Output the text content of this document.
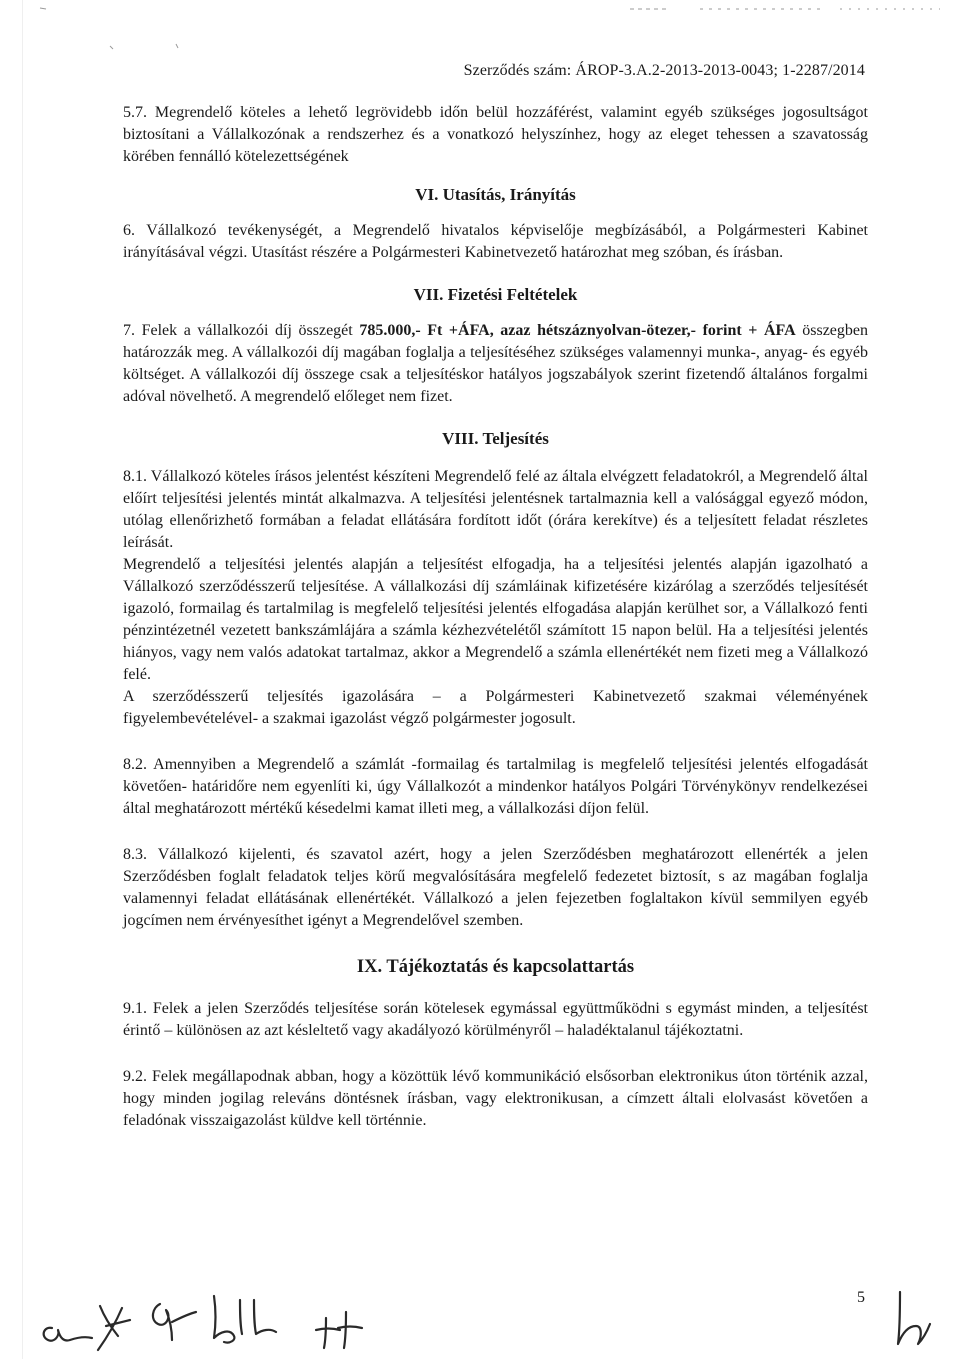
Szerződés szám: ÁROP-3.A.2-2013-2013-0043; 1-2287/2014

5.7. Megrendelő köteles a lehető legrövidebb időn belül hozzáférést, valamint egyéb szükséges jogosultságot biztosítani a Vállalkozónak a rendszerhez és a vonatkozó helyszínhez, hogy az eleget tehessen a szavatosság körében fennálló kötelezettségének

VI. Utasítás, Irányítás

6. Vállalkozó tevékenységét, a Megrendelő hivatalos képviselője megbízásából, a Polgármesteri Kabinet irányításával végzi. Utasítást részére a Polgármesteri Kabinetvezető határozhat meg szóban, és írásban.

VII. Fizetési Feltételek

7. Felek a vállalkozói díj összegét 785.000,- Ft +ÁFA, azaz hétszáznyolvan-ötezer,- forint + ÁFA összegben határozzák meg. A vállalkozói díj magában foglalja a teljesítéséhez szükséges valamennyi munka-, anyag- és egyéb költséget. A vállalkozói díj összege csak a teljesítéskor hatályos jogszabályok szerint fizetendő általános forgalmi adóval növelhető. A megrendelő előleget nem fizet.

VIII. Teljesítés

8.1. Vállalkozó köteles írásos jelentést készíteni Megrendelő felé az általa elvégzett feladatokról, a Megrendelő által előírt teljesítési jelentés mintát alkalmazva. A teljesítési jelentésnek tartalmaznia kell a valósággal egyező módon, utólag ellenőrizhető formában a feladat ellátására fordított időt (órára kerekítve) és a teljesített feladat részletes leírását.

Megrendelő a teljesítési jelentés alapján a teljesítést elfogadja, ha a teljesítési jelentés alapján igazolható a Vállalkozó szerződésszerű teljesítése. A vállalkozási díj számláinak kifizetésére kizárólag a szerződés teljesítését igazoló, formailag és tartalmilag is megfelelő teljesítési jelentés elfogadása alapján kerülhet sor, a Vállalkozó fenti pénzintézetnél vezetett bankszámlájára a számla kézhezvételétől számított 15 napon belül. Ha a teljesítési jelentés hiányos, vagy nem valós adatokat tartalmaz, akkor a Megrendelő a számla ellenértékét nem fizeti meg a Vállalkozó felé.

A szerződésszerű teljesítés igazolására – a Polgármesteri Kabinetvezető szakmai véleményének figyelembevételével- a szakmai igazolást végző polgármester jogosult.

8.2. Amennyiben a Megrendelő a számlát -formailag és tartalmilag is megfelelő teljesítési jelentés elfogadását követően- határidőre nem egyenlíti ki, úgy Vállalkozót a mindenkor hatályos Polgári Törvénykönyv rendelkezései által meghatározott mértékű késedelmi kamat illeti meg, a vállalkozási díjon felül.

8.3. Vállalkozó kijelenti, és szavatol azért, hogy a jelen Szerződésben meghatározott ellenérték a jelen Szerződésben foglalt feladatok teljes körű megvalósítására megfelelő fedezetet biztosít, s az magában foglalja valamennyi feladat ellátásának ellenértékét. Vállalkozó a jelen fejezetben foglaltakon kívül semmilyen egyéb jogcímen nem érvényesíthet igényt a Megrendelővel szemben.

IX. Tájékoztatás és kapcsolattartás

9.1. Felek a jelen Szerződés teljesítése során kötelesek egymással együttműködni s egymást minden, a teljesítést érintő – különösen az azt késleltető vagy akadályozó körülményről – haladéktalanul tájékoztatni.

9.2. Felek megállapodnak abban, hogy a közöttük lévő kommunikáció elsősorban elektronikus úton történik azzal, hogy minden jogilag releváns döntésnek írásban, vagy elektronikusan, a címzett általi elolvasást követően a feladónak visszaigazolást küldve kell történnie.

5
